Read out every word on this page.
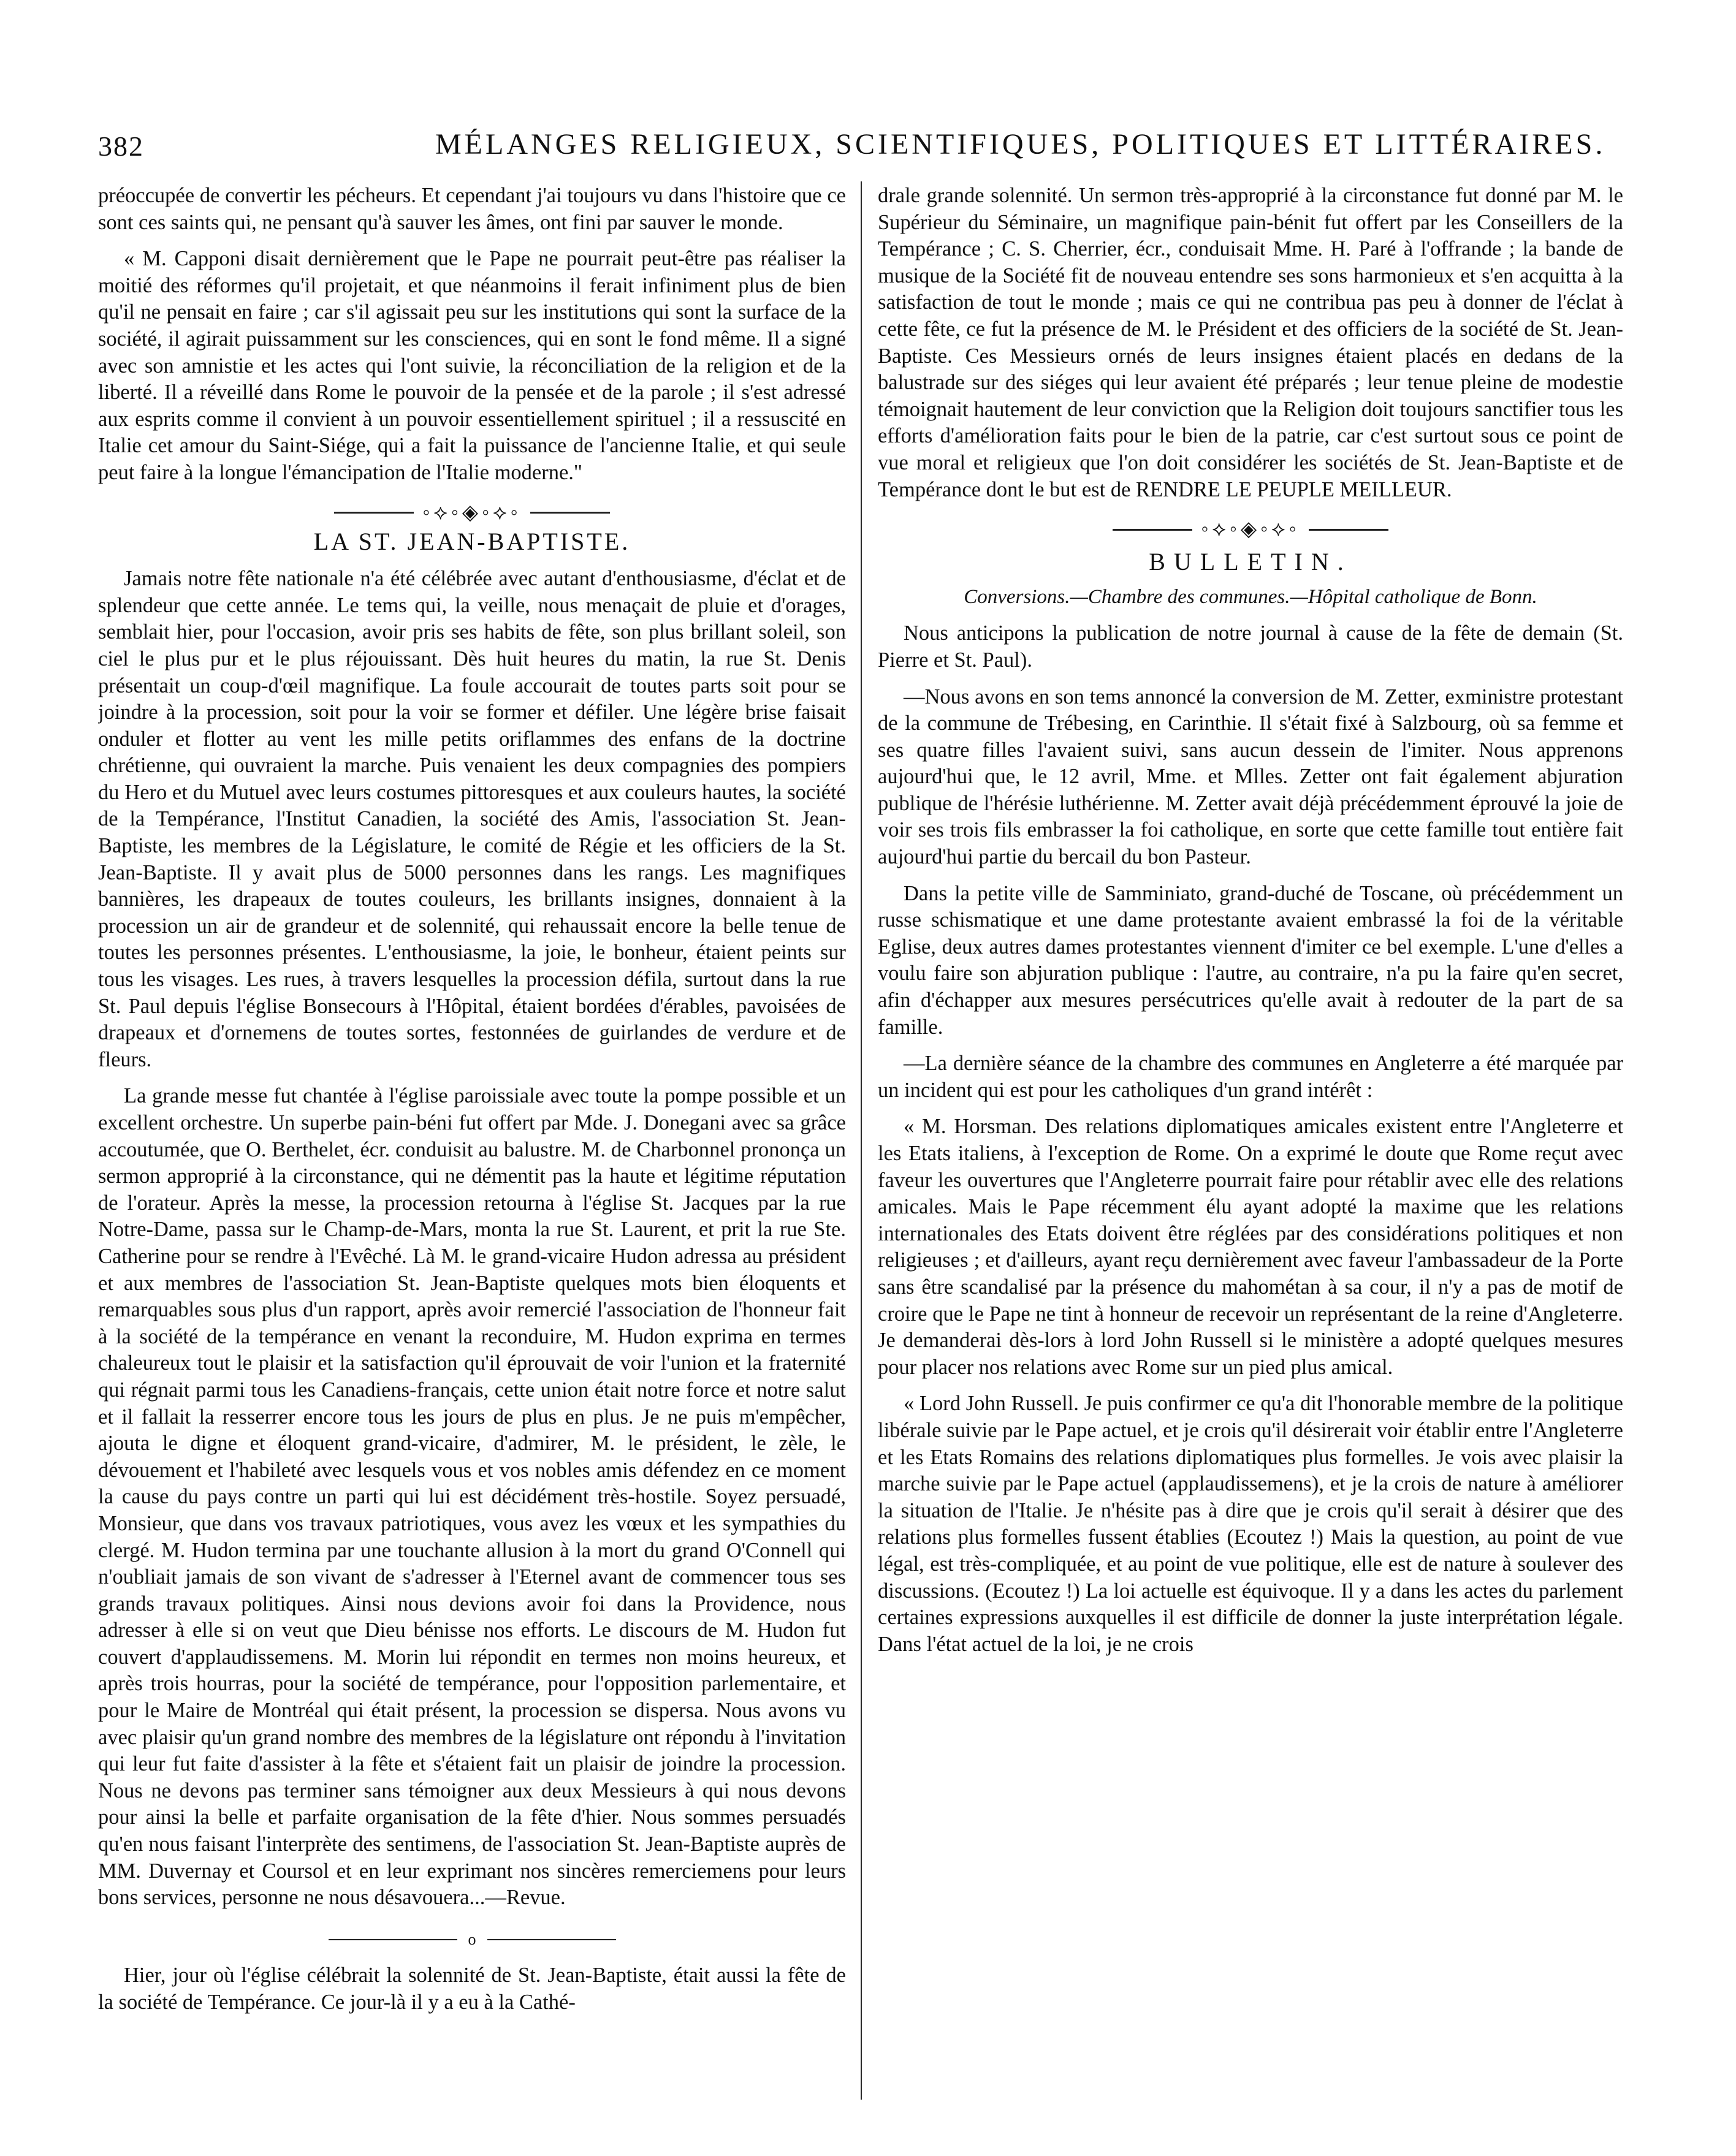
382	MÉLANGES RELIGIEUX, SCIENTIFIQUES, POLITIQUES ET LITTÉRAIRES.

préoccupée de convertir les pécheurs. Et cependant j'ai toujours vu dans l'histoire que ce sont ces saints qui, ne pensant qu'à sauver les âmes, ont fini par sauver le monde.

« M. Capponi disait dernièrement que le Pape ne pourrait peut-être pas réaliser la moitié des réformes qu'il projetait, et que néanmoins il ferait infiniment plus de bien qu'il ne pensait en faire ; car s'il agissait peu sur les institutions qui sont la surface de la société, il agirait puissamment sur les consciences, qui en sont le fond même. Il a signé avec son amnistie et les actes qui l'ont suivie, la réconciliation de la religion et de la liberté. Il a réveillé dans Rome le pouvoir de la pensée et de la parole ; il s'est adressé aux esprits comme il convient à un pouvoir essentiellement spirituel ; il a ressuscité en Italie cet amour du Saint-Siége, qui a fait la puissance de l'ancienne Italie, et qui seule peut faire à la longue l'émancipation de l'Italie moderne."

◦⟡◦◈◦⟡◦
LA ST. JEAN-BAPTISTE.

Jamais notre fête nationale n'a été célébrée avec autant d'enthousiasme, d'éclat et de splendeur que cette année. Le tems qui, la veille, nous menaçait de pluie et d'orages, semblait hier, pour l'occasion, avoir pris ses habits de fête, son plus brillant soleil, son ciel le plus pur et le plus réjouissant. Dès huit heures du matin, la rue St. Denis présentait un coup-d'œil magnifique. La foule accourait de toutes parts soit pour se joindre à la procession, soit pour la voir se former et défiler. Une légère brise faisait onduler et flotter au vent les mille petits oriflammes des enfans de la doctrine chrétienne, qui ouvraient la marche. Puis venaient les deux compagnies des pompiers du Hero et du Mutuel avec leurs costumes pittoresques et aux couleurs hautes, la société de la Tempérance, l'Institut Canadien, la société des Amis, l'association St. Jean-Baptiste, les membres de la Législature, le comité de Régie et les officiers de la St. Jean-Baptiste. Il y avait plus de 5000 personnes dans les rangs. Les magnifiques bannières, les drapeaux de toutes couleurs, les brillants insignes, donnaient à la procession un air de grandeur et de solennité, qui rehaussait encore la belle tenue de toutes les personnes présentes. L'enthousiasme, la joie, le bonheur, étaient peints sur tous les visages. Les rues, à travers lesquelles la procession défila, surtout dans la rue St. Paul depuis l'église Bonsecours à l'Hôpital, étaient bordées d'érables, pavoisées de drapeaux et d'ornemens de toutes sortes, festonnées de guirlandes de verdure et de fleurs.

La grande messe fut chantée à l'église paroissiale avec toute la pompe possible et un excellent orchestre. Un superbe pain-béni fut offert par Mde. J. Donegani avec sa grâce accoutumée, que O. Berthelet, écr. conduisit au balustre. M. de Charbonnel prononça un sermon approprié à la circonstance, qui ne démentit pas la haute et légitime réputation de l'orateur. Après la messe, la procession retourna à l'église St. Jacques par la rue Notre-Dame, passa sur le Champ-de-Mars, monta la rue St. Laurent, et prit la rue Ste. Catherine pour se rendre à l'Evêché. Là M. le grand-vicaire Hudon adressa au président et aux membres de l'association St. Jean-Baptiste quelques mots bien éloquents et remarquables sous plus d'un rapport, après avoir remercié l'association de l'honneur fait à la société de la tempérance en venant la reconduire, M. Hudon exprima en termes chaleureux tout le plaisir et la satisfaction qu'il éprouvait de voir l'union et la fraternité qui régnait parmi tous les Canadiens-français, cette union était notre force et notre salut et il fallait la resserrer encore tous les jours de plus en plus. Je ne puis m'empêcher, ajouta le digne et éloquent grand-vicaire, d'admirer, M. le président, le zèle, le dévouement et l'habileté avec lesquels vous et vos nobles amis défendez en ce moment la cause du pays contre un parti qui lui est décidément très-hostile. Soyez persuadé, Monsieur, que dans vos travaux patriotiques, vous avez les vœux et les sympathies du clergé. M. Hudon termina par une touchante allusion à la mort du grand O'Connell qui n'oubliait jamais de son vivant de s'adresser à l'Eternel avant de commencer tous ses grands travaux politiques. Ainsi nous devions avoir foi dans la Providence, nous adresser à elle si on veut que Dieu bénisse nos efforts. Le discours de M. Hudon fut couvert d'applaudissemens. M. Morin lui répondit en termes non moins heureux, et après trois hourras, pour la société de tempérance, pour l'opposition parlementaire, et pour le Maire de Montréal qui était présent, la procession se dispersa. Nous avons vu avec plaisir qu'un grand nombre des membres de la législature ont répondu à l'invitation qui leur fut faite d'assister à la fête et s'étaient fait un plaisir de joindre la procession. Nous ne devons pas terminer sans témoigner aux deux Messieurs à qui nous devons pour ainsi la belle et parfaite organisation de la fête d'hier. Nous sommes persuadés qu'en nous faisant l'interprète des sentimens, de l'association St. Jean-Baptiste auprès de MM. Duvernay et Coursol et en leur exprimant nos sincères remerciemens pour leurs bons services, personne ne nous désavouera...—Revue.

o

Hier, jour où l'église célébrait la solennité de St. Jean-Baptiste, était aussi la fête de la société de Tempérance. Ce jour-là il y a eu à la Cathé-

drale grande solennité. Un sermon très-approprié à la circonstance fut donné par M. le Supérieur du Séminaire, un magnifique pain-bénit fut offert par les Conseillers de la Tempérance ; C. S. Cherrier, écr., conduisait Mme. H. Paré à l'offrande ; la bande de musique de la Société fit de nouveau entendre ses sons harmonieux et s'en acquitta à la satisfaction de tout le monde ; mais ce qui ne contribua pas peu à donner de l'éclat à cette fête, ce fut la présence de M. le Président et des officiers de la société de St. Jean-Baptiste. Ces Messieurs ornés de leurs insignes étaient placés en dedans de la balustrade sur des siéges qui leur avaient été préparés ; leur tenue pleine de modestie témoignait hautement de leur conviction que la Religion doit toujours sanctifier tous les efforts d'amélioration faits pour le bien de la patrie, car c'est surtout sous ce point de vue moral et religieux que l'on doit considérer les sociétés de St. Jean-Baptiste et de Tempérance dont le but est de RENDRE LE PEUPLE MEILLEUR.

◦⟡◦◈◦⟡◦
BULLETIN.
Conversions.—Chambre des communes.—Hôpital catholique de Bonn.

Nous anticipons la publication de notre journal à cause de la fête de demain (St. Pierre et St. Paul).

—Nous avons en son tems annoncé la conversion de M. Zetter, exministre protestant de la commune de Trébesing, en Carinthie. Il s'était fixé à Salzbourg, où sa femme et ses quatre filles l'avaient suivi, sans aucun dessein de l'imiter. Nous apprenons aujourd'hui que, le 12 avril, Mme. et Mlles. Zetter ont fait également abjuration publique de l'hérésie luthérienne. M. Zetter avait déjà précédemment éprouvé la joie de voir ses trois fils embrasser la foi catholique, en sorte que cette famille tout entière fait aujourd'hui partie du bercail du bon Pasteur.

Dans la petite ville de Samminiato, grand-duché de Toscane, où précédemment un russe schismatique et une dame protestante avaient embrassé la foi de la véritable Eglise, deux autres dames protestantes viennent d'imiter ce bel exemple. L'une d'elles a voulu faire son abjuration publique : l'autre, au contraire, n'a pu la faire qu'en secret, afin d'échapper aux mesures persécutrices qu'elle avait à redouter de la part de sa famille.

—La dernière séance de la chambre des communes en Angleterre a été marquée par un incident qui est pour les catholiques d'un grand intérêt :

« M. Horsman. Des relations diplomatiques amicales existent entre l'Angleterre et les Etats italiens, à l'exception de Rome. On a exprimé le doute que Rome reçut avec faveur les ouvertures que l'Angleterre pourrait faire pour rétablir avec elle des relations amicales. Mais le Pape récemment élu ayant adopté la maxime que les relations internationales des Etats doivent être réglées par des considérations politiques et non religieuses ; et d'ailleurs, ayant reçu dernièrement avec faveur l'ambassadeur de la Porte sans être scandalisé par la présence du mahométan à sa cour, il n'y a pas de motif de croire que le Pape ne tint à honneur de recevoir un représentant de la reine d'Angleterre. Je demanderai dès-lors à lord John Russell si le ministère a adopté quelques mesures pour placer nos relations avec Rome sur un pied plus amical.

« Lord John Russell. Je puis confirmer ce qu'a dit l'honorable membre de la politique libérale suivie par le Pape actuel, et je crois qu'il désirerait voir établir entre l'Angleterre et les Etats Romains des relations diplomatiques plus formelles. Je vois avec plaisir la marche suivie par le Pape actuel (applaudissemens), et je la crois de nature à améliorer la situation de l'Italie. Je n'hésite pas à dire que je crois qu'il serait à désirer que des relations plus formelles fussent établies (Ecoutez !) Mais la question, au point de vue légal, est très-compliquée, et au point de vue politique, elle est de nature à soulever des discussions. (Ecoutez !) La loi actuelle est équivoque. Il y a dans les actes du parlement certaines expressions auxquelles il est difficile de donner la juste interprétation légale. Dans l'état actuel de la loi, je ne crois
